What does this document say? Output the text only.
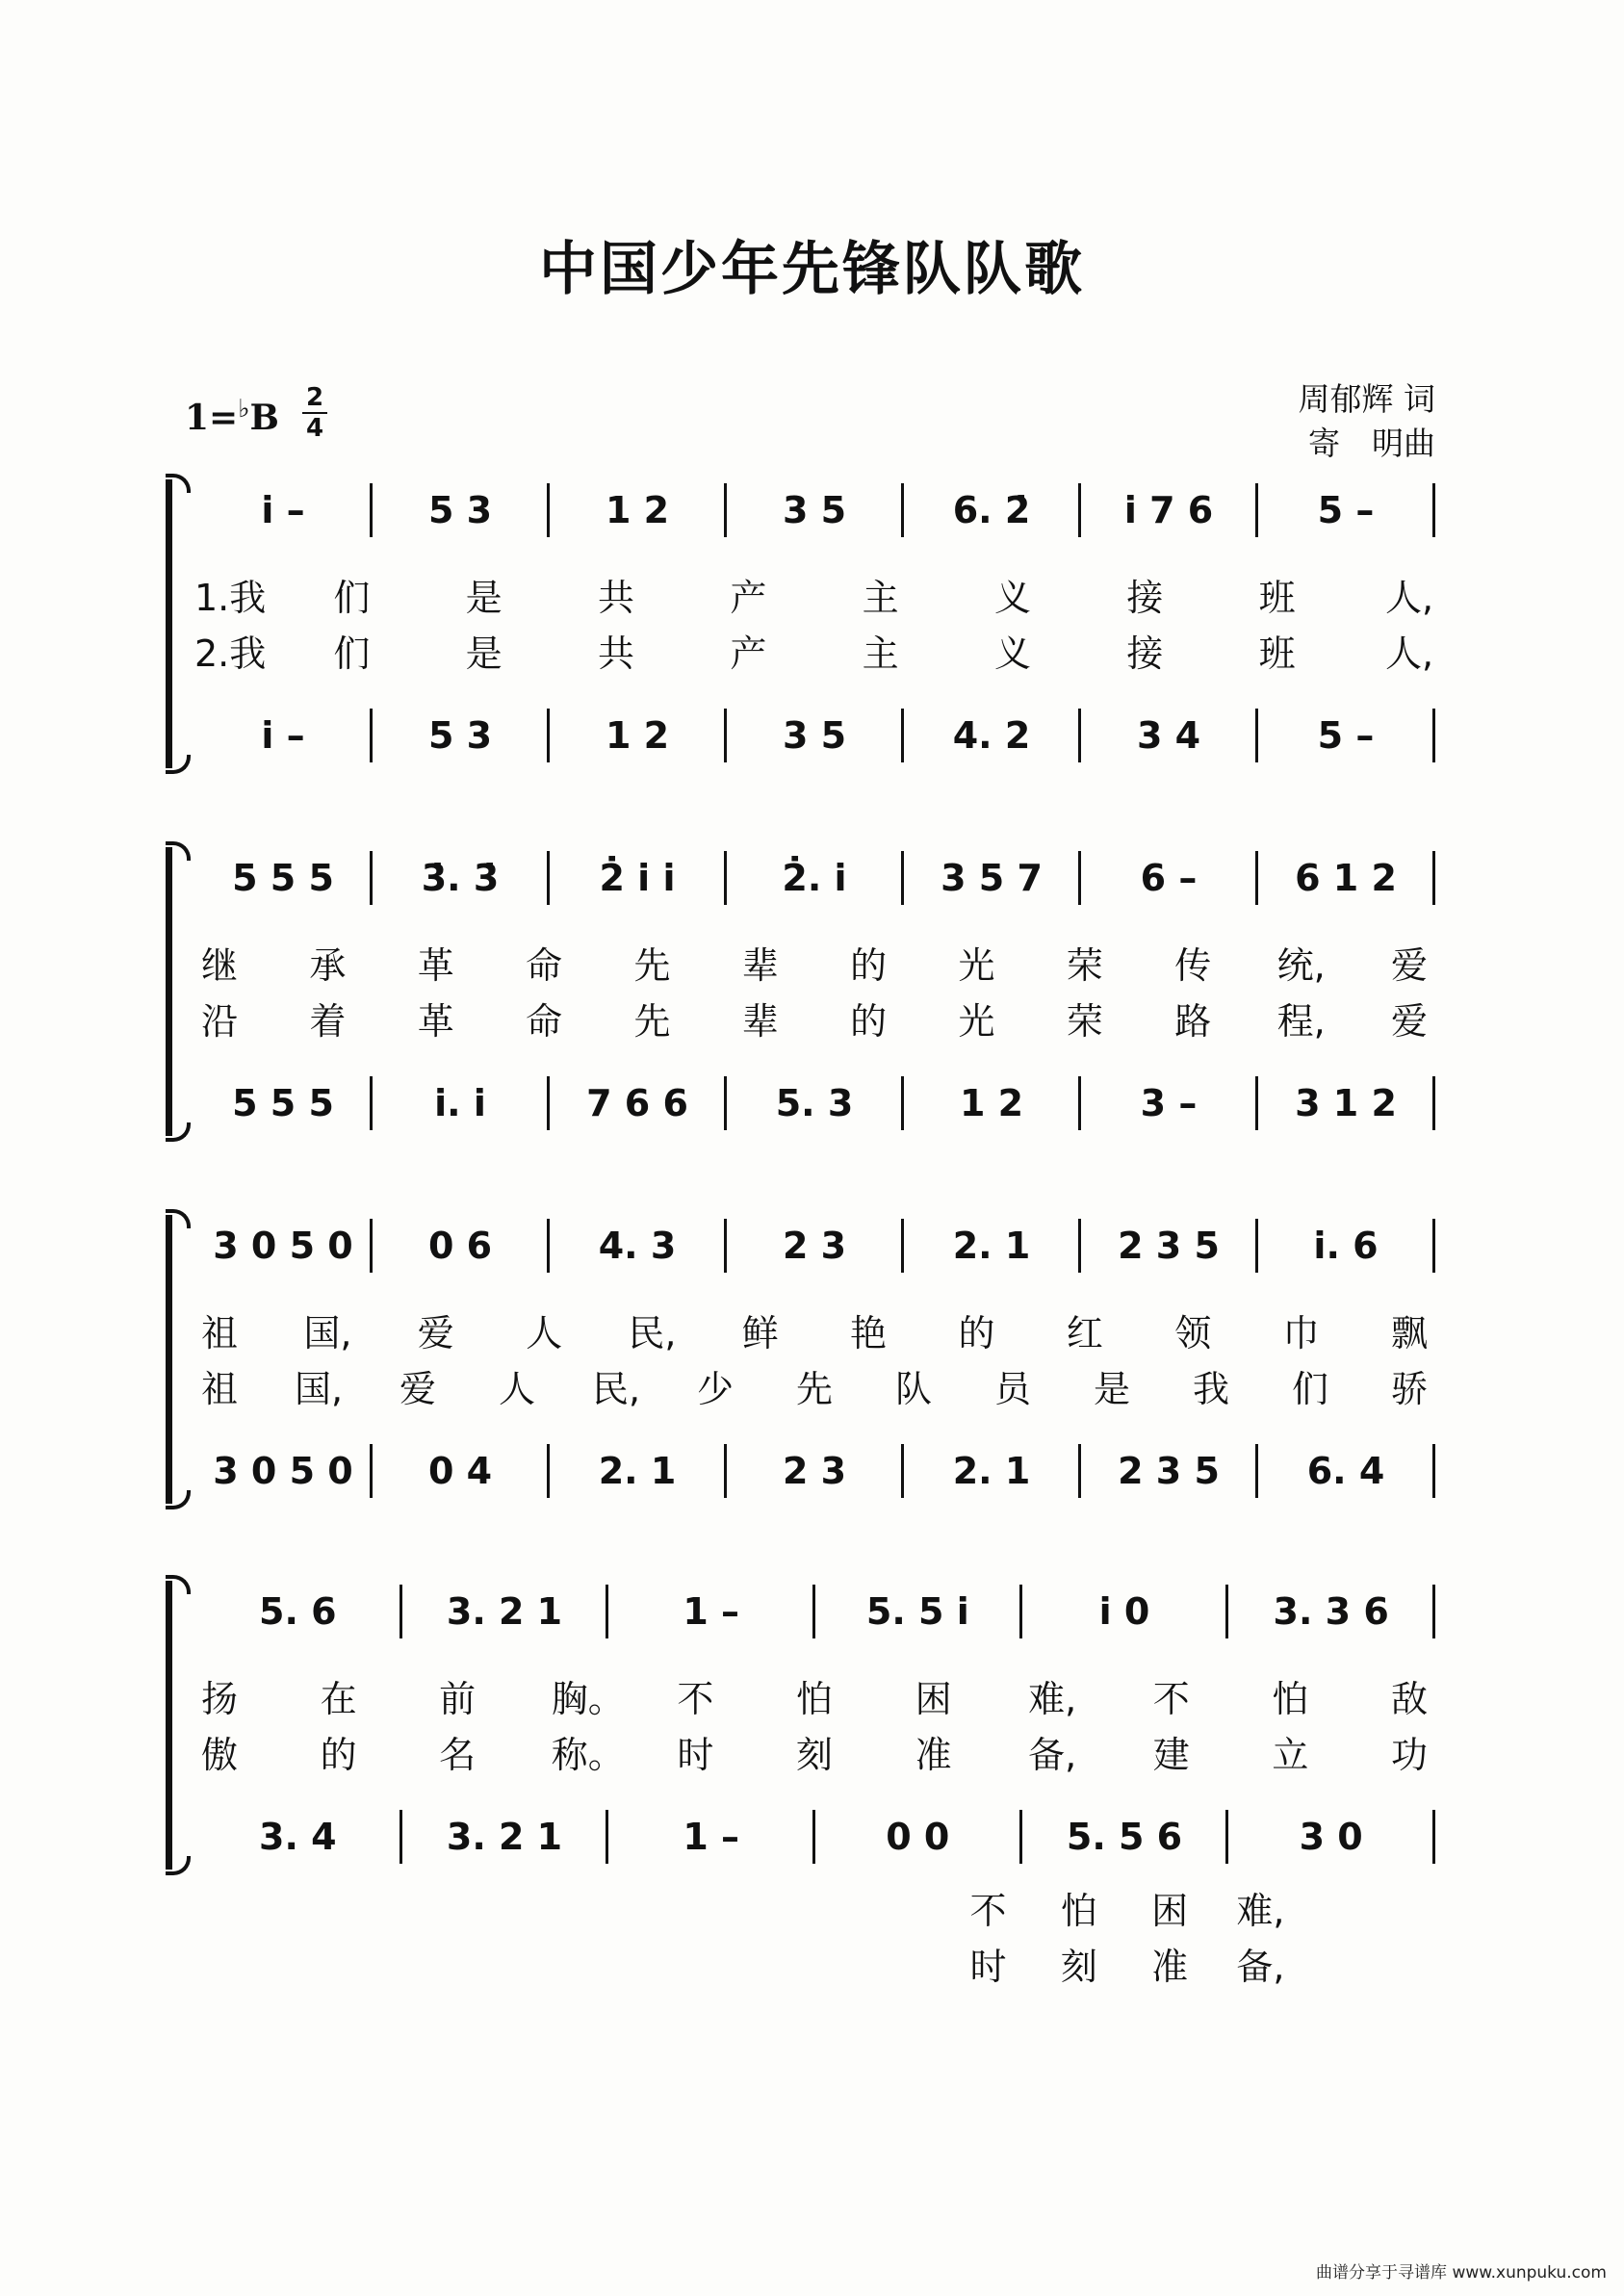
中国少年先锋队队歌
1=♭B 2
4
周郁辉 词
寄　明曲
i̇ –	5 3	1 2	3 5	6. 2̇	i̇ 7 6	5 –
1.我 们	是	共	产	主	义	接	班 人,
2.我 们	是	共	产	主	义	接	班 人,
i̇ –	5 3	1 2	3 5	4. 2	3 4	5 –
5 5 5	3̇. 3̇	2̇ i̇ i̇	2̇. i̇	3 5 7	6 –	6 1 2
继 承 革 命 先 辈 的 光 荣 传 统, 爱
沿 着 革 命 先 辈 的 光 荣 路 程, 爱
5 5 5	i̇. i̇	7 6 6	5. 3	1 2	3 –	3 1 2
3 0 5 0	0 6	4. 3	2 3	2. 1	2 3 5	i̇. 6
祖 国, 爱 人 民, 鲜 艳 的 红 领 巾 飘
祖 国, 爱 人 民, 少 先 队 员 是 我 们 骄
3 0 5 0	0 4	2. 1	2 3	2. 1	2 3 5	6. 4
5. 6	3. 2 1	1 –	5. 5 i̇	i̇ 0	3. 3 6
扬 在 前 胸。 不 怕 困 难, 不 怕 敌
傲 的 名 称。 时 刻 准 备, 建 立 功
3. 4	3. 2 1	1 –	0 0	5. 5 6	3 0
不 怕 困 难,
时 刻 准 备,
曲谱分享于寻谱库 www.xunpuku.com
